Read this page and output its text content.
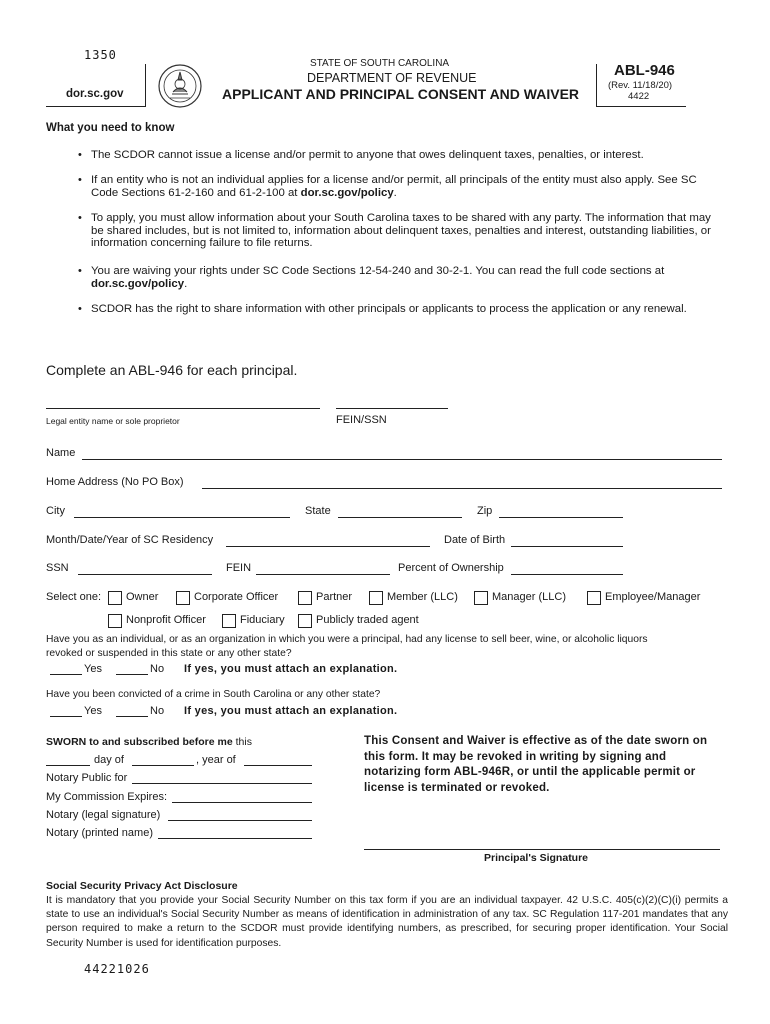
1350
dor.sc.gov
STATE OF SOUTH CAROLINA
DEPARTMENT OF REVENUE
APPLICANT AND PRINCIPAL CONSENT AND WAIVER
ABL-946
(Rev. 11/18/20)
4422
What you need to know
• The SCDOR cannot issue a license and/or permit to anyone that owes delinquent taxes, penalties, or interest.
• If an entity who is not an individual applies for a license and/or permit, all principals of the entity must also apply. See SC Code Sections 61-2-160 and 61-2-100 at dor.sc.gov/policy.
• To apply, you must allow information about your South Carolina taxes to be shared with any party. The information that may be shared includes, but is not limited to, information about delinquent taxes, penalties and interest, outstanding liabilities, or information concerning failure to file returns.
• You are waiving your rights under SC Code Sections 12-54-240 and 30-2-1. You can read the full code sections at dor.sc.gov/policy.
• SCDOR has the right to share information with other principals or applicants to process the application or any renewal.
Complete an ABL-946 for each principal.
Legal entity name or sole proprietor	FEIN/SSN
Name
Home Address (No PO Box)
City	State	Zip
Month/Date/Year of SC Residency	Date of Birth
SSN	FEIN	Percent of Ownership
Select one: Owner	Corporate Officer	Partner	Member (LLC)	Manager (LLC)	Employee/Manager
Nonprofit Officer	Fiduciary	Publicly traded agent
Have you as an individual, or as an organization in which you were a principal, had any license to sell beer, wine, or alcoholic liquors
revoked or suspended in this state or any other state?
Yes	No If yes, you must attach an explanation.
Have you been convicted of a crime in South Carolina or any other state?
Yes	No If yes, you must attach an explanation.
SWORN to and subscribed before me this
day of	, year of
Notary Public for
My Commission Expires:
Notary (legal signature)
Notary (printed name)
This Consent and Waiver is effective as of the date sworn on this form. It may be revoked in writing by signing and notarizing form ABL-946R, or until the applicable permit or license is terminated or revoked.
Principal's Signature
Social Security Privacy Act Disclosure
It is mandatory that you provide your Social Security Number on this tax form if you are an individual taxpayer. 42 U.S.C. 405(c)(2)(C)(i) permits a state to use an individual's Social Security Number as means of identification in administration of any tax. SC Regulation 117-201 mandates that any person required to make a return to the SCDOR must provide identifying numbers, as prescribed, for securing proper identification. Your Social Security Number is used for identification purposes.
44221026
